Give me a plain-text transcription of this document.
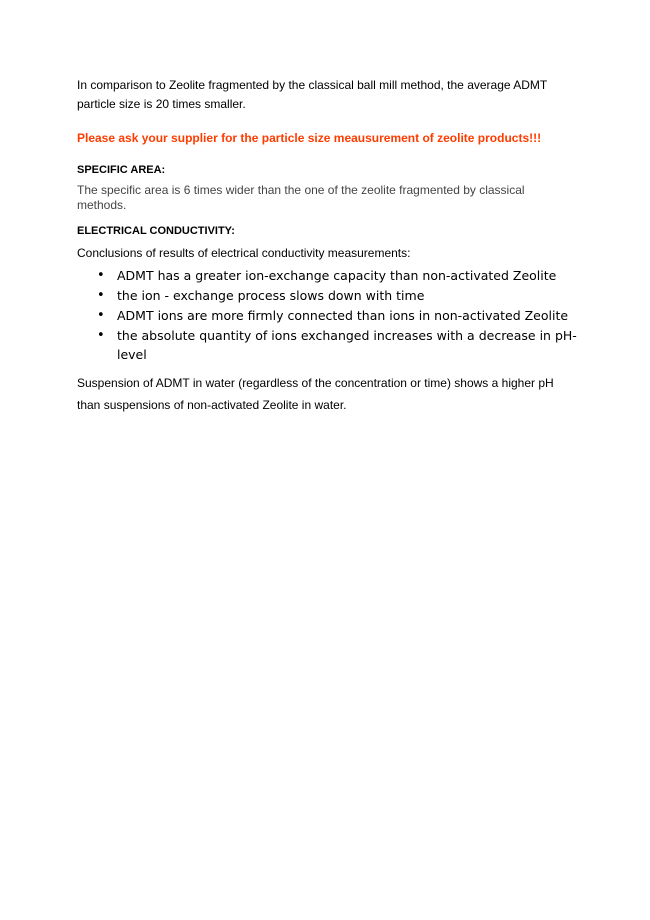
In comparison to Zeolite fragmented by the classical ball mill method, the average ADMT particle size is 20 times smaller.

Please ask your supplier for the particle size meausurement of zeolite products!!!

SPECIFIC AREA:

The specific area is 6 times wider than the one of the zeolite fragmented by classical methods.

ELECTRICAL CONDUCTIVITY:

Conclusions of results of electrical conductivity measurements:

• ADMT has a greater ion-exchange capacity than non-activated Zeolite
• the ion - exchange process slows down with time
• ADMT ions are more firmly connected than ions in non-activated Zeolite
• the absolute quantity of ions exchanged increases with a decrease in pH-level

Suspension of ADMT in water (regardless of the concentration or time) shows a higher pH than suspensions of non-activated Zeolite in water.
